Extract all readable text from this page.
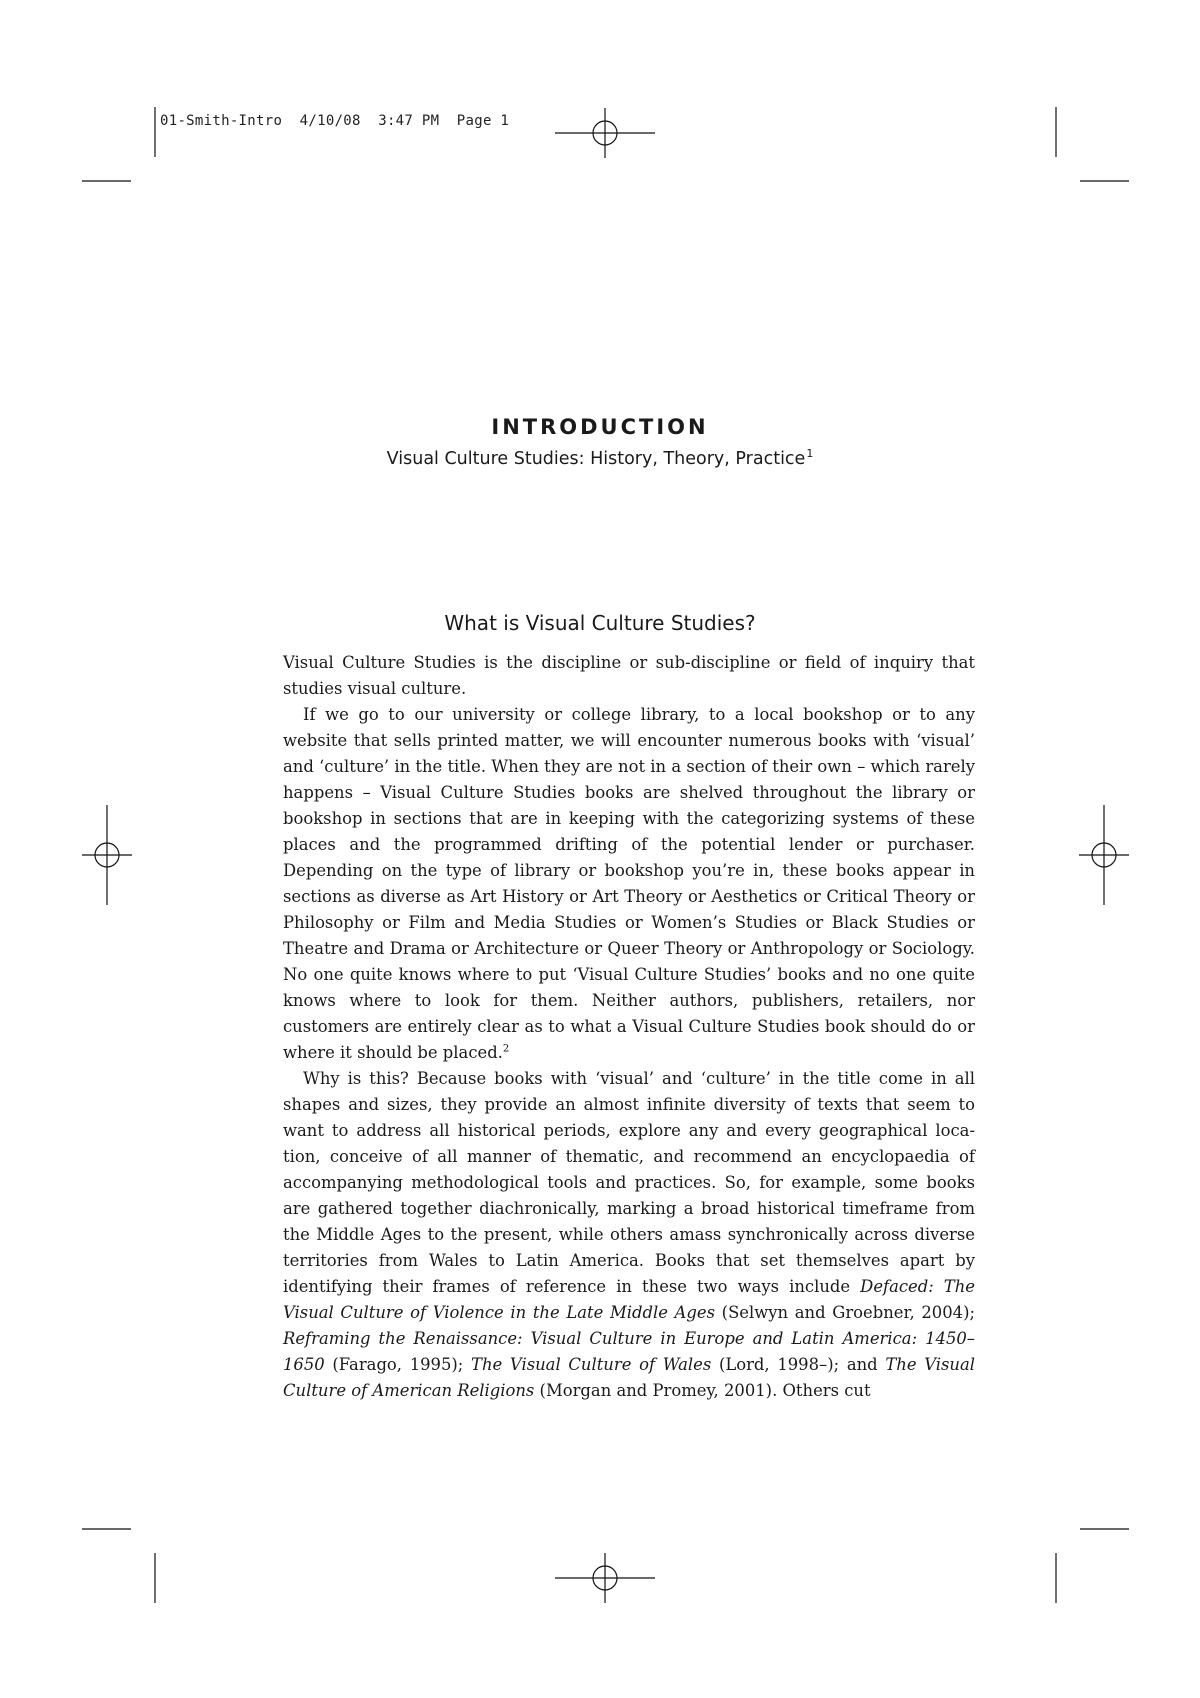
01-Smith-Intro  4/10/08  3:47 PM  Page 1
INTRODUCTION
Visual Culture Studies: History, Theory, Practice$^1$
What is Visual Culture Studies?

Visual Culture Studies is the discipline or sub-discipline or field of inquiry that studies visual culture.

If we go to our university or college library, to a local bookshop or to any website that sells printed matter, we will encounter numerous books with ‘visual’ and ‘culture’ in the title. When they are not in a section of their own – which rarely happens – Visual Culture Studies books are shelved throughout the library or bookshop in sections that are in keeping with the categorizing systems of these places and the programmed drifting of the potential lender or purchaser. Depending on the type of library or bookshop you’re in, these books appear in sections as diverse as Art History or Art Theory or Aesthetics or Critical Theory or Philosophy or Film and Media Studies or Women’s Studies or Black Studies or Theatre and Drama or Architecture or Queer Theory or Anthropology or Sociology. No one quite knows where to put ‘Visual Culture Studies’ books and no one quite knows where to look for them. Neither authors, publishers, retailers, nor customers are entirely clear as to what a Visual Culture Studies book should do or where it should be placed.$^2$

Why is this? Because books with ‘visual’ and ‘culture’ in the title come in all shapes and sizes, they provide an almost infinite diversity of texts that seem to want to address all historical periods, explore any and every geographical location, conceive of all manner of thematic, and recommend an encyclopaedia of accompanying methodological tools and practices. So, for example, some books are gathered together diachronically, marking a broad historical timeframe from the Middle Ages to the present, while others amass synchronically across diverse territories from Wales to Latin America. Books that set themselves apart by identifying their frames of reference in these two ways include Defaced: The Visual Culture of Violence in the Late Middle Ages (Selwyn and Groebner, 2004); Reframing the Renaissance: Visual Culture in Europe and Latin America: 1450–1650 (Farago, 1995); The Visual Culture of Wales (Lord, 1998–); and The Visual Culture of American Religions (Morgan and Promey, 2001). Others cut
